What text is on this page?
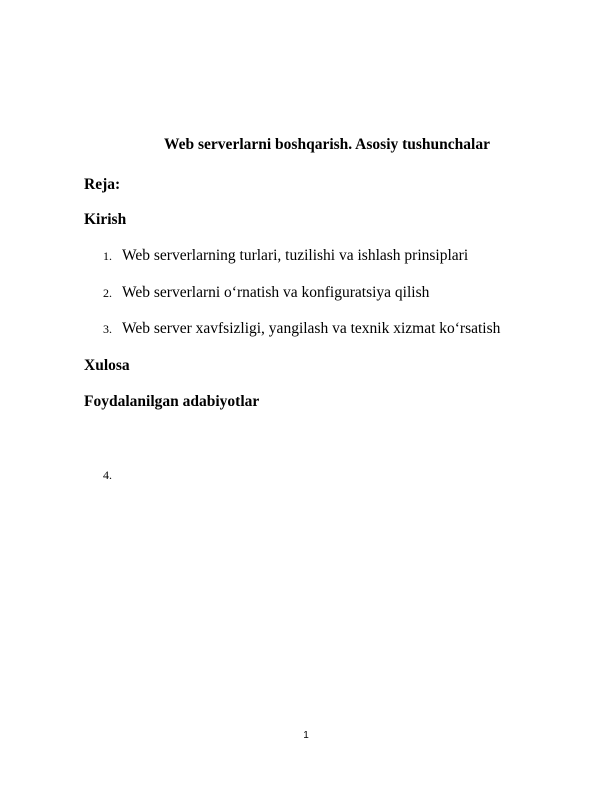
Web serverlarni boshqarish. Asosiy tushunchalar
Reja:
Kirish
1. Web serverlarning turlari, tuzilishi va ishlash prinsiplari
2. Web serverlarni o‘rnatish va konfiguratsiya qilish
3. Web server xavfsizligi, yangilash va texnik xizmat ko‘rsatish
Xulosa
Foydalanilgan adabiyotlar
4.
1
